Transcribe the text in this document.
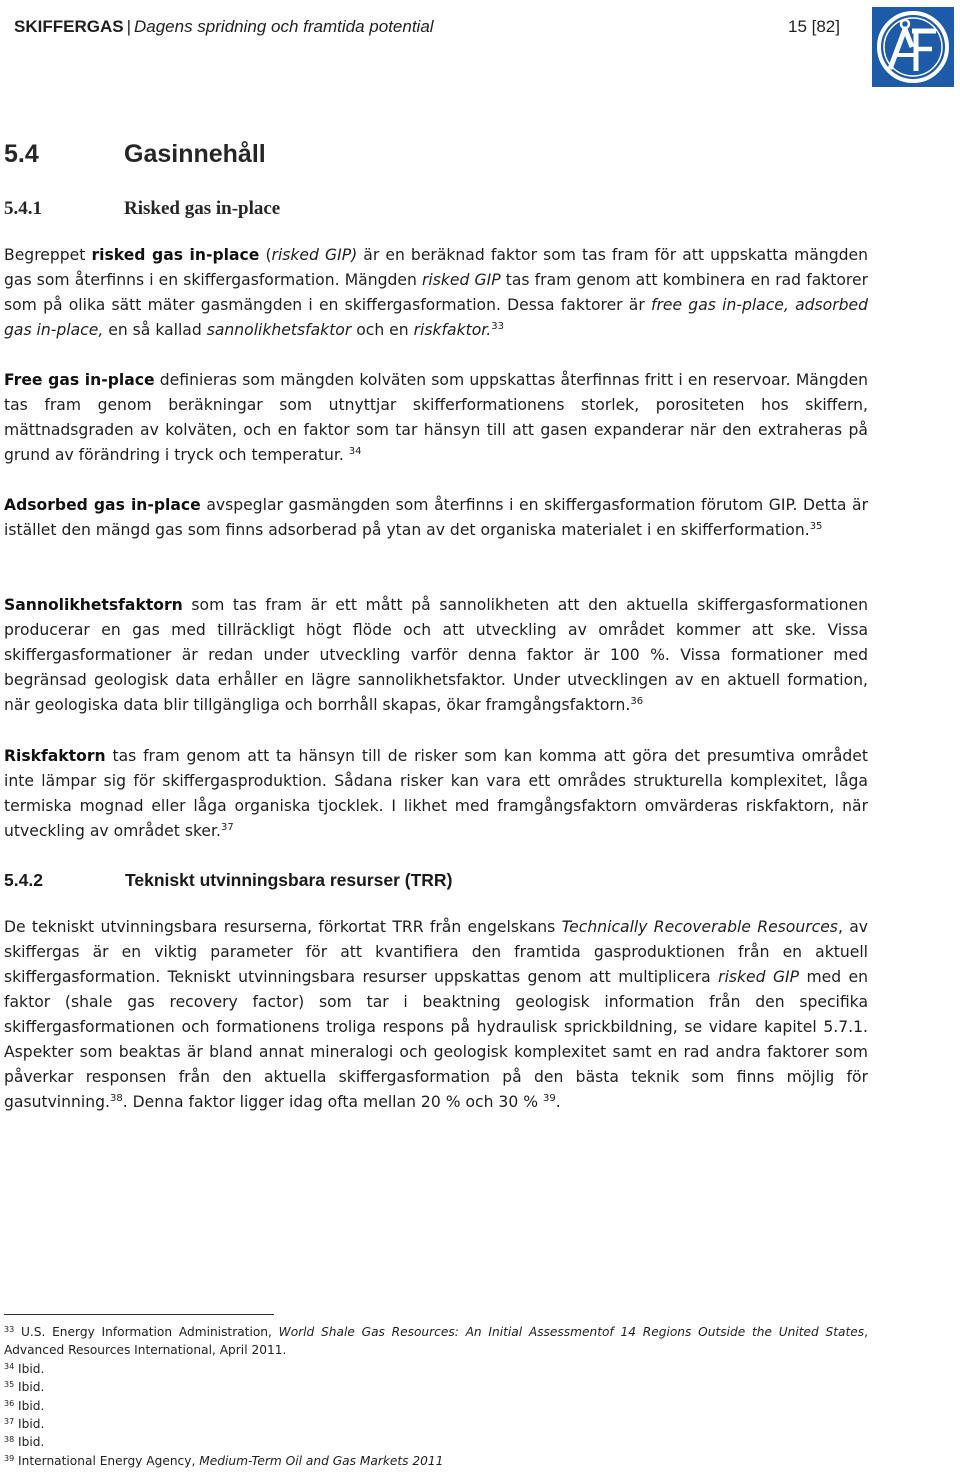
SKIFFERGAS | Dagens spridning och framtida potential	15 [82]
5.4	Gasinnehåll
5.4.1	Risked gas in-place
Begreppet risked gas in-place (risked GIP) är en beräknad faktor som tas fram för att uppskatta mängden gas som återfinns i en skiffergasformation. Mängden risked GIP tas fram genom att kombinera en rad faktorer som på olika sätt mäter gasmängden i en skiffergasformation. Dessa faktorer är free gas in-place, adsorbed gas in-place, en så kallad sannolikhetsfaktor och en riskfaktor.$^{33}$
Free gas in-place definieras som mängden kolväten som uppskattas återfinnas fritt i en reservoar. Mängden tas fram genom beräkningar som utnyttjar skifferformationens storlek, porositeten hos skiffern, mättnadsgraden av kolväten, och en faktor som tar hänsyn till att gasen expanderar när den extraheras på grund av förändring i tryck och temperatur. $^{34}$
Adsorbed gas in-place avspeglar gasmängden som återfinns i en skiffergasformation förutom GIP. Detta är istället den mängd gas som finns adsorberad på ytan av det organiska materialet i en skifferformation.$^{35}$
Sannolikhetsfaktorn som tas fram är ett mått på sannolikheten att den aktuella skiffergasformationen producerar en gas med tillräckligt högt flöde och att utveckling av området kommer att ske. Vissa skiffergasformationer är redan under utveckling varför denna faktor är 100 %. Vissa formationer med begränsad geologisk data erhåller en lägre sannolikhetsfaktor. Under utvecklingen av en aktuell formation, när geologiska data blir tillgängliga och borrhåll skapas, ökar framgångsfaktorn.$^{36}$
Riskfaktorn tas fram genom att ta hänsyn till de risker som kan komma att göra det presumtiva området inte lämpar sig för skiffergasproduktion. Sådana risker kan vara ett områdes strukturella komplexitet, låga termiska mognad eller låga organiska tjocklek. I likhet med framgångsfaktorn omvärderas riskfaktorn, när utveckling av området sker.$^{37}$
5.4.2	Tekniskt utvinningsbara resurser (TRR)
De tekniskt utvinningsbara resurserna, förkortat TRR från engelskans Technically Recoverable Resources, av skiffergas är en viktig parameter för att kvantifiera den framtida gasproduktionen från en aktuell skiffergasformation. Tekniskt utvinningsbara resurser uppskattas genom att multiplicera risked GIP med en faktor (shale gas recovery factor) som tar i beaktning geologisk information från den specifika skiffergasformationen och formationens troliga respons på hydraulisk sprickbildning, se vidare kapitel 5.7.1. Aspekter som beaktas är bland annat mineralogi och geologisk komplexitet samt en rad andra faktorer som påverkar responsen från den aktuella skiffergasformation på den bästa teknik som finns möjlig för gasutvinning.$^{38}$. Denna faktor ligger idag ofta mellan 20 % och 30 % $^{39}$.
$^{33}$ U.S. Energy Information Administration, World Shale Gas Resources: An Initial Assessmentof 14 Regions Outside the United States, Advanced Resources International, April 2011.
$^{34}$ Ibid.
$^{35}$ Ibid.
$^{36}$ Ibid.
$^{37}$ Ibid.
$^{38}$ Ibid.
$^{39}$ International Energy Agency, Medium-Term Oil and Gas Markets 2011
